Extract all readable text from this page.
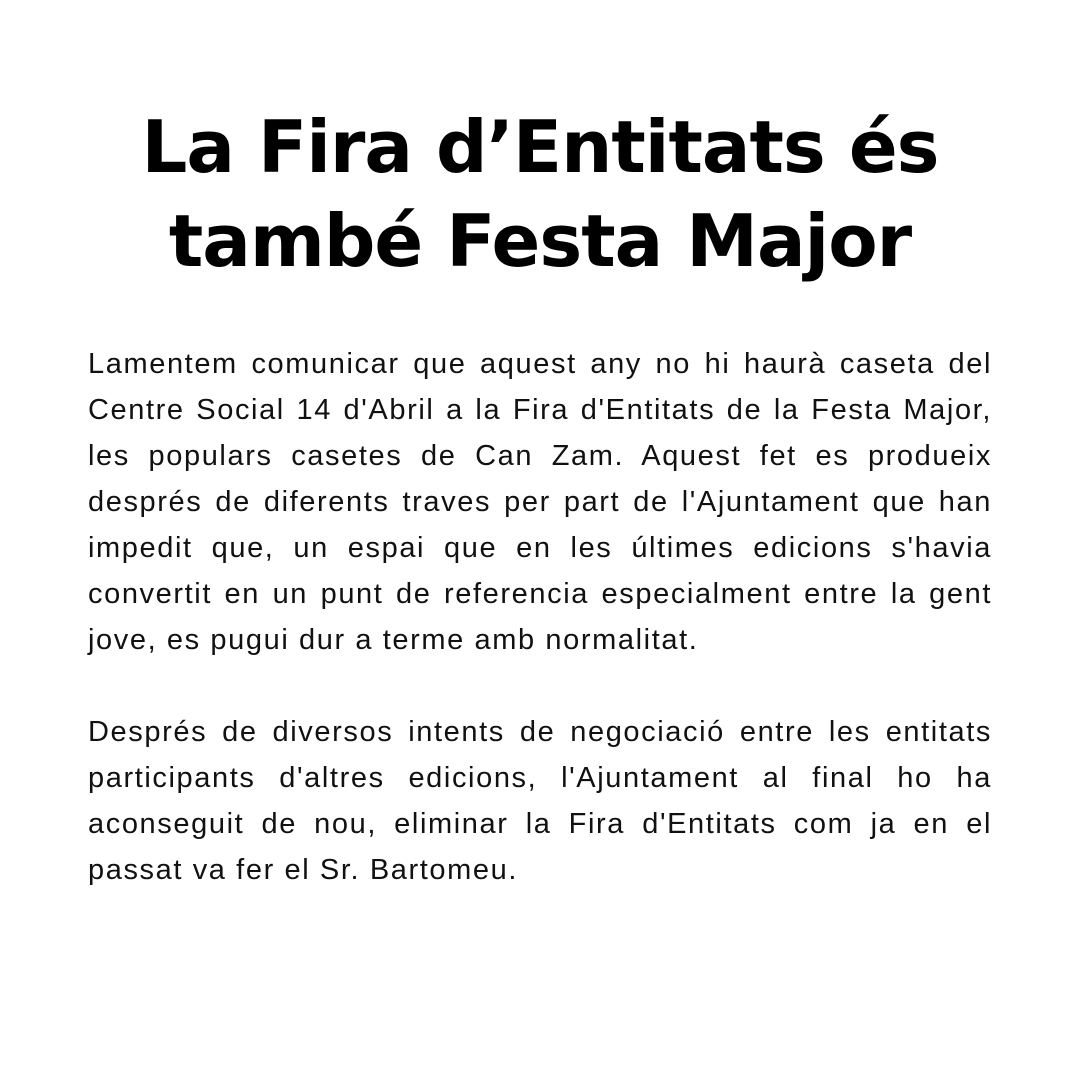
La Fira d’Entitats és
també Festa Major

Lamentem comunicar que aquest any no hi haurà caseta del Centre Social 14 d'Abril a la Fira d'Entitats de la Festa Major, les populars casetes de Can Zam. Aquest fet es produeix després de diferents traves per part de l'Ajuntament que han impedit que, un espai que en les últimes edicions s'havia convertit en un punt de referencia especialment entre la gent jove, es pugui dur a terme amb normalitat.

Després de diversos intents de negociació entre les entitats participants d'altres edicions, l'Ajuntament al final ho ha aconseguit de nou, eliminar la Fira d'Entitats com ja en el passat va fer el Sr. Bartomeu.
